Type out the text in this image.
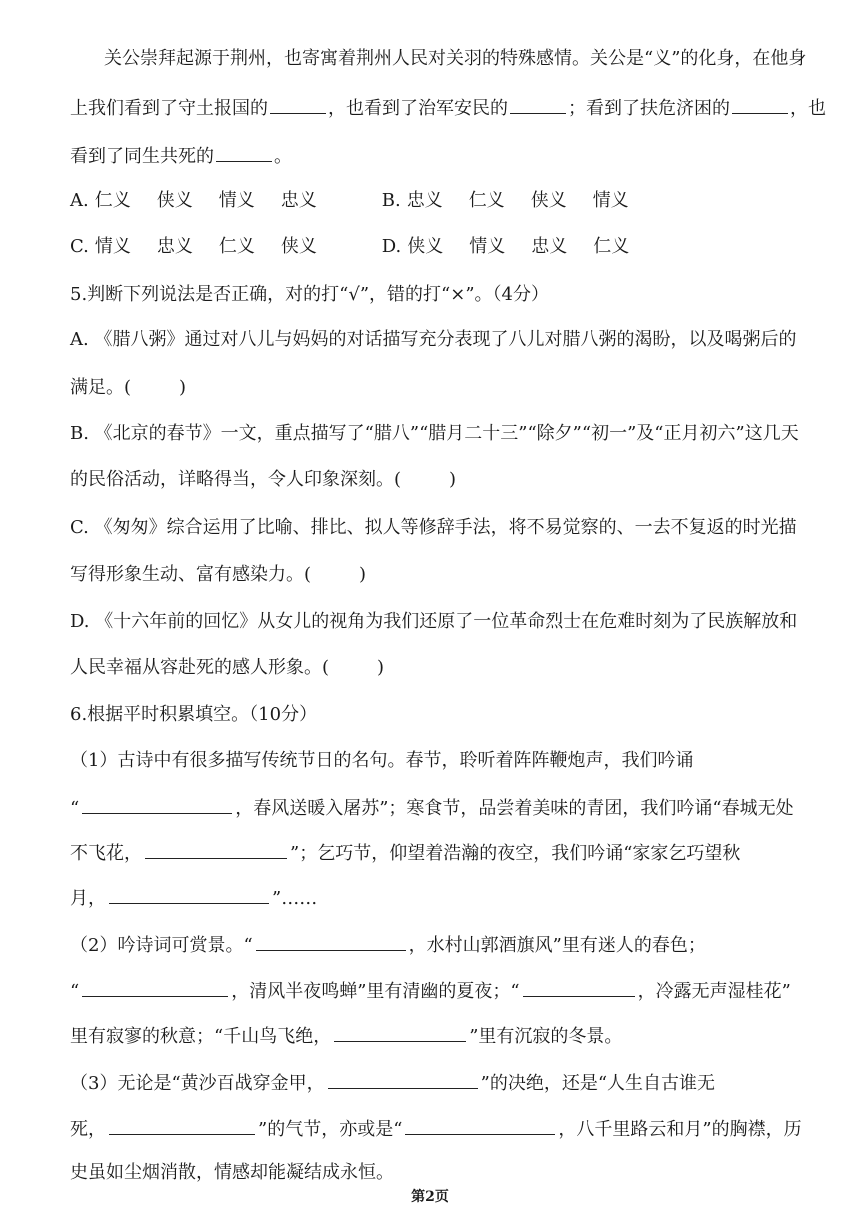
关公崇拜起源于荆州，也寄寓着荆州人民对关羽的特殊感情。关公是“义”的化身，在他身
上我们看到了守土报国的	，也看到了治军安民的	；看到了扶危济困的	，也
看到了同生共死的	。
A. 仁义 侠义 情义 忠义	B. 忠义 仁义 侠义 情义
C. 情义 忠义 仁义 侠义	D. 侠义 情义 忠义 仁义
5.判断下列说法是否正确，对的打“√”，错的打“×”。（4分）
A. 《腊八粥》通过对八儿与妈妈的对话描写充分表现了八儿对腊八粥的渴盼，以及喝粥后的
满足。(	)
B. 《北京的春节》一文，重点描写了“腊八”“腊月二十三”“除夕”“初一”及“正月初六”这几天
的民俗活动，详略得当，令人印象深刻。(	)
C. 《匆匆》综合运用了比喻、排比、拟人等修辞手法，将不易觉察的、一去不复返的时光描
写得形象生动、富有感染力。(	)
D. 《十六年前的回忆》从女儿的视角为我们还原了一位革命烈士在危难时刻为了民族解放和
人民幸福从容赴死的感人形象。(	)
6.根据平时积累填空。（10分）
（1）古诗中有很多描写传统节日的名句。春节，聆听着阵阵鞭炮声，我们吟诵
“	，春风送暖入屠苏”；寒食节，品尝着美味的青团，我们吟诵“春城无处
不飞花，	”；乞巧节，仰望着浩瀚的夜空，我们吟诵“家家乞巧望秋
月，	”……
（2）吟诗词可赏景。“	，水村山郭酒旗风”里有迷人的春色；
“	，清风半夜鸣蝉”里有清幽的夏夜；“	，冷露无声湿桂花”
里有寂寥的秋意；“千山鸟飞绝，	”里有沉寂的冬景。
（3）无论是“黄沙百战穿金甲，	”的决绝，还是“人生自古谁无
死，	”的气节，亦或是“	，八千里路云和月”的胸襟，历
史虽如尘烟消散，情感却能凝结成永恒。
第2页
